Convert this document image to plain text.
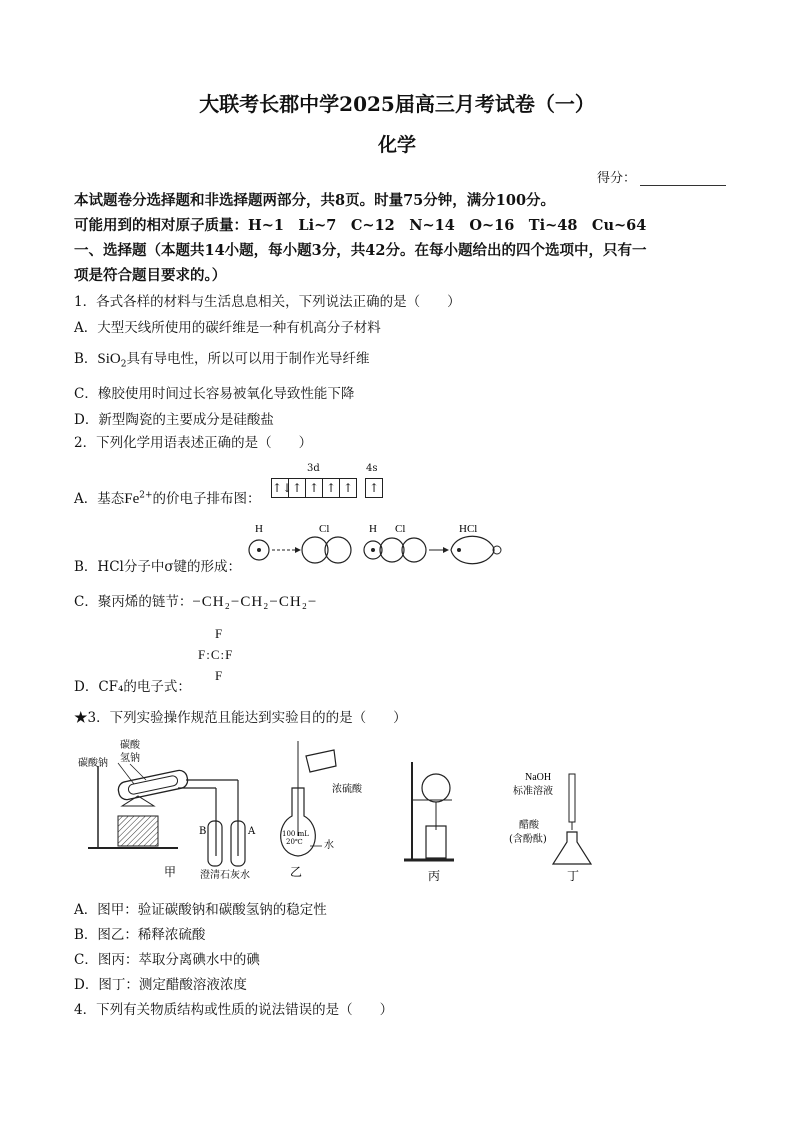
大联考长郡中学2025届高三月考试卷（一）
化学
得分：
本试题卷分选择题和非选择题两部分，共8页。时量75分钟，满分100分。
可能用到的相对原子质量：H~1　Li~7　C~12　N~14　O~16　Ti~48　Cu~64
一、选择题（本题共14小题，每小题3分，共42分。在每小题给出的四个选项中，只有一
项是符合题目要求的。）
1．各式各样的材料与生活息息相关，下列说法正确的是（　　）
A．大型天线所使用的碳纤维是一种有机高分子材料
B．SiO$_2$具有导电性，所以可以用于制作光导纤维
C．橡胶使用时间过长容易被氧化导致性能下降
D．新型陶瓷的主要成分是硅酸盐
2．下列化学用语表述正确的是（　　）
3d	4s
A．基态$Fe^{2+}$的价电子排布图：
↑↓↑ ↑ ↑ ↑	↑
B．HCl分子中σ键的形成：
H	Cl	H Cl	HCl
C．聚丙烯的链节：−CH₂−CH₂−CH₂−
F
F:C:F
F
D．CF₄的电子式：
★3．下列实验操作规范且能达到实验目的的是（　　）
碳酸
氢钠
碳酸钠
B	A
澄清石灰水
甲
100 mL
20℃
浓硫酸
水
乙	丙
NaOH
标准溶液
醋酸
(含酚酞)
丁
A．图甲：验证碳酸钠和碳酸氢钠的稳定性
B．图乙：稀释浓硫酸
C．图丙：萃取分离碘水中的碘
D．图丁：测定醋酸溶液浓度
4．下列有关物质结构或性质的说法错误的是（　　）
